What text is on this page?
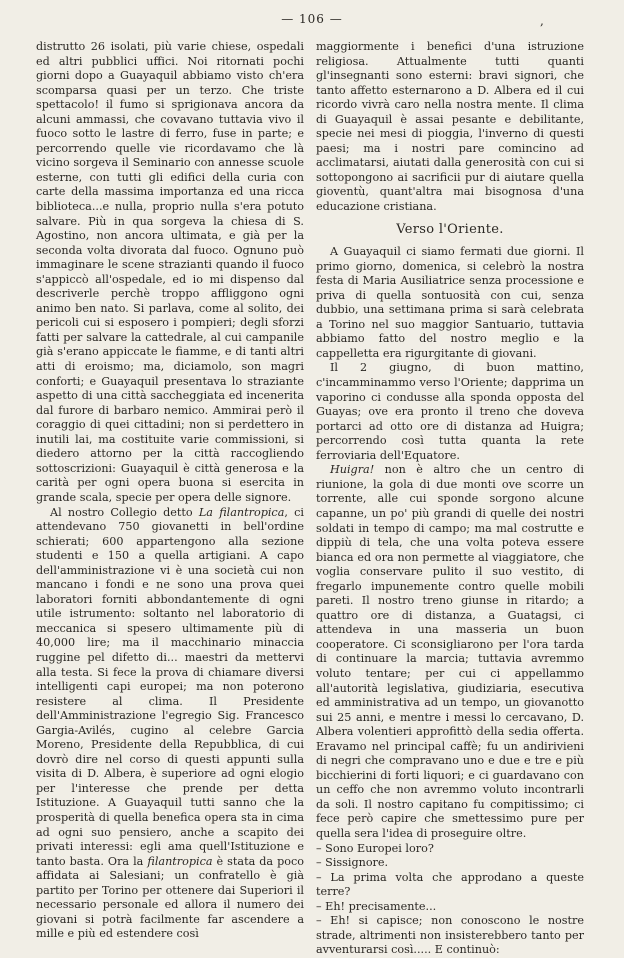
— 106 —	,

distrutto 26 isolati, più varie chiese, ospedali ed altri pubblici uffici. Noi ritornati pochi giorni dopo a Guayaquil abbiamo visto ch'era scomparsa quasi per un terzo. Che triste spettacolo! il fumo si sprigionava ancora da alcuni ammassi, che covavano tuttavia vivo il fuoco sotto le lastre di ferro, fuse in parte; e percorrendo quelle vie ricordavamo che là vicino sorgeva il Seminario con annesse scuole esterne, con tutti gli edifici della curia con carte della massima importanza ed una ricca biblioteca...e nulla, proprio nulla s'era potuto salvare. Più in qua sorgeva la chiesa di S. Agostino, non ancora ultimata, e già per la seconda volta divorata dal fuoco. Ognuno può immaginare le scene strazianti quando il fuoco s'appiccò all'ospedale, ed io mi dispenso dal descriverle perchè troppo affliggono ogni animo ben nato. Si parlava, come al solito, dei pericoli cui si esposero i pompieri; degli sforzi fatti per salvare la cattedrale, al cui campanile già s'erano appiccate le fiamme, e di tanti altri atti di eroismo; ma, diciamolo, son magri conforti; e Guayaquil presentava lo straziante aspetto di una città saccheggiata ed incenerita dal furore di barbaro nemico. Ammirai però il coraggio di quei cittadini; non si perdettero in inutili lai, ma costituite varie commissioni, si diedero attorno per la città raccogliendo sottoscrizioni: Guayaquil è città generosa e la carità per ogni opera buona si esercita in grande scala, specie per opera delle signore.

Al nostro Collegio detto La filantropica, ci attendevano 750 giovanetti in bell'ordine schierati; 600 appartengono alla sezione studenti e 150 a quella artigiani. A capo dell'amministrazione vi è una società cui non mancano i fondi e ne sono una prova quei laboratori forniti abbondantemente di ogni utile istrumento: soltanto nel laboratorio di meccanica si spesero ultimamente più di 40,000 lire; ma il macchinario minaccia ruggine pel difetto di... maestri da mettervi alla testa. Si fece la prova di chiamare diversi intelligenti capi europei; ma non poterono resistere al clima. Il Presidente dell'Amministrazione l'egregio Sig. Francesco Gargia-Avilés, cugino al celebre Garcia Moreno, Presidente della Repubblica, di cui dovrò dire nel corso di questi appunti sulla visita di D. Albera, è superiore ad ogni elogio per l'interesse che prende per detta Istituzione. A Guayaquil tutti sanno che la prosperità di quella benefica opera sta in cima ad ogni suo pensiero, anche a scapito dei privati interessi: egli ama quell'Istituzione e tanto basta. Ora la filantropica è stata da poco affidata ai Salesiani; un confratello è già partito per Torino per ottenere dai Superiori il necessario personale ed allora il numero dei giovani si potrà facilmente far ascendere a mille e più ed estendere così

maggiormente i benefici d'una istruzione religiosa. Attualmente tutti quanti gl'insegnanti sono esterni: bravi signori, che tanto affetto esternarono a D. Albera ed il cui ricordo vivrà caro nella nostra mente. Il clima di Guayaquil è assai pesante e debilitante, specie nei mesi di pioggia, l'inverno di questi paesi; ma i nostri pare comincino ad acclimatarsi, aiutati dalla generosità con cui si sottopongono ai sacrificii pur di aiutare quella gioventù, quant'altra mai bisognosa d'una educazione cristiana.

Verso l'Oriente.

A Guayaquil ci siamo fermati due giorni. Il primo giorno, domenica, si celebrò la nostra festa di Maria Ausiliatrice senza processione e priva di quella sontuosità con cui, senza dubbio, una settimana prima si sarà celebrata a Torino nel suo maggior Santuario, tuttavia abbiamo fatto del nostro meglio e la cappelletta era rigurgitante di giovani.

Il 2 giugno, di buon mattino, c'incamminammo verso l'Oriente; dapprima un vaporino ci condusse alla sponda opposta del Guayas; ove era pronto il treno che doveva portarci ad otto ore di distanza ad Huigra; percorrendo così tutta quanta la rete ferroviaria dell'Equatore.

Huigra! non è altro che un centro di riunione, la gola di due monti ove scorre un torrente, alle cui sponde sorgono alcune capanne, un po' più grandi di quelle dei nostri soldati in tempo di campo; ma mal costrutte e dippiù di tela, che una volta poteva essere bianca ed ora non permette al viaggiatore, che voglia conservare pulito il suo vestito, di fregarlo impunemente contro quelle mobili pareti. Il nostro treno giunse in ritardo; a quattro ore di distanza, a Guatagsi, ci attendeva in una masseria un buon cooperatore. Ci sconsigliarono per l'ora tarda di continuare la marcia; tuttavia avremmo voluto tentare; per cui ci appellammo all'autorità legislativa, giudiziaria, esecutiva ed amministrativa ad un tempo, un giovanotto sui 25 anni, e mentre i messi lo cercavano, D. Albera volentieri approfittò della sedia offerta. Eravamo nel principal caffè; fu un andirivieni di negri che compravano uno e due e tre e più bicchierini di forti liquori; e ci guardavano con un ceffo che non avremmo voluto incontrarli da soli. Il nostro capitano fu compitissimo; ci fece però capire che smettessimo pure per quella sera l'idea di proseguire oltre.

– Sono Europei loro?

– Sissignore.

– La prima volta che approdano a queste terre?

– Eh! precisamente...

– Eh! si capisce; non conoscono le nostre strade, altrimenti non insisterebbero tanto per avventurarsi così..... E continuò:
